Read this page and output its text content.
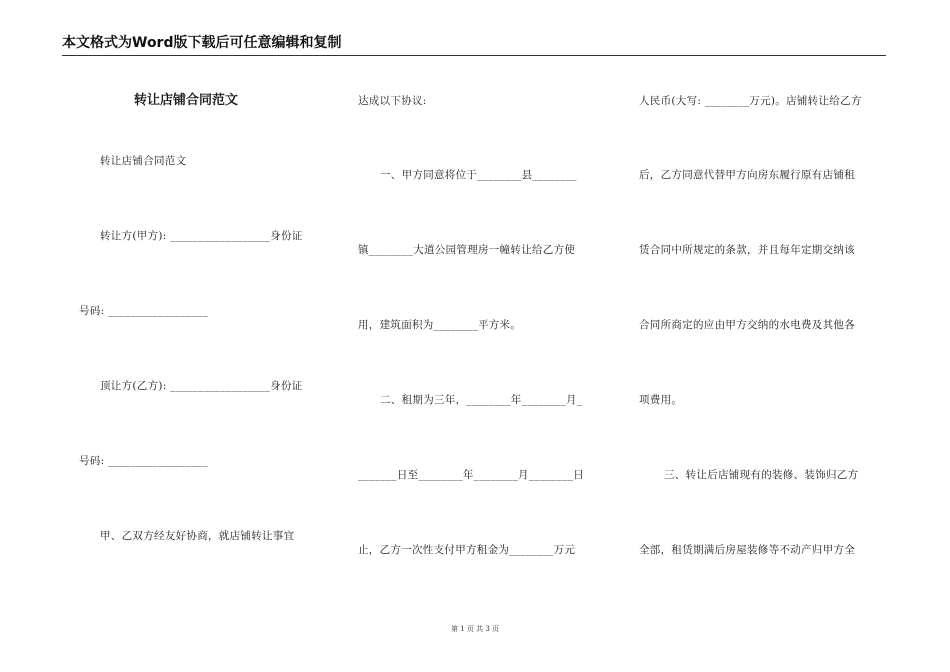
本文格式为Word版下载后可任意编辑和复制
转让店铺合同范文
转让店铺合同范文
转让方(甲方): __________________身份证
号码: __________________
顶让方(乙方): __________________身份证
号码: __________________
甲、乙双方经友好协商，就店铺转让事宜
达成以下协议:
一、甲方同意将位于________县________
镇________大道公园管理房一幢转让给乙方使
用，建筑面积为________平方米。
二、租期为三年，________年________月_
_______日至________年________月________日
止，乙方一次性支付甲方租金为________万元
人民币(大写: ________万元)。店铺转让给乙方
后，乙方同意代替甲方向房东履行原有店铺租
赁合同中所规定的条款，并且每年定期交纳该
合同所商定的应由甲方交纳的水电费及其他各
项费用。
三、转让后店铺现有的装修、装饰归乙方
全部，租赁期满后房屋装修等不动产归甲方全
第 1 页 共 3 页
